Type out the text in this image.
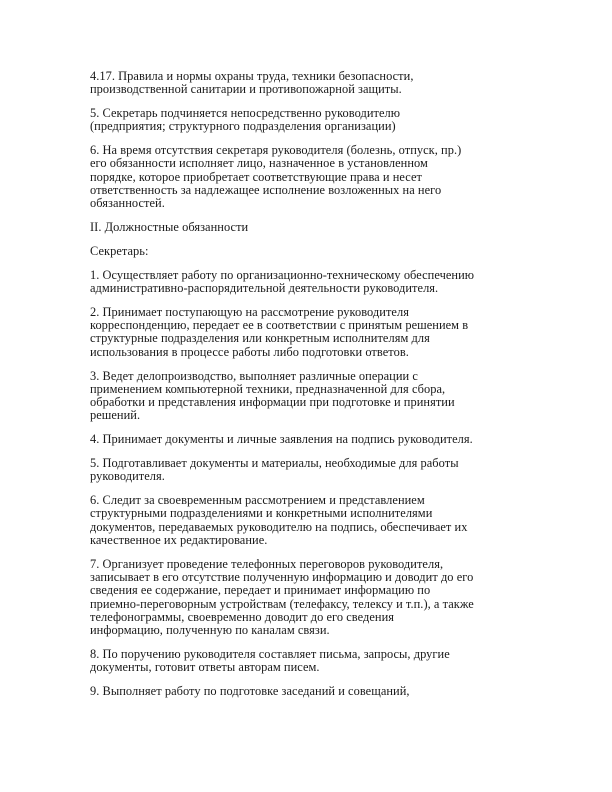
4.17. Правила и нормы охраны труда, техники безопасности,
производственной санитарии и противопожарной защиты.

5. Секретарь подчиняется непосредственно руководителю
(предприятия; структурного подразделения организации)

6. На время отсутствия секретаря руководителя (болезнь, отпуск, пр.)
его обязанности исполняет лицо, назначенное в установленном
порядке, которое приобретает соответствующие права и несет
ответственность за надлежащее исполнение возложенных на него
обязанностей.

II. Должностные обязанности

Секретарь:

1. Осуществляет работу по организационно-техническому обеспечению
административно-распорядительной деятельности руководителя.

2. Принимает поступающую на рассмотрение руководителя
корреспонденцию, передает ее в соответствии с принятым решением в
структурные подразделения или конкретным исполнителям для
использования в процессе работы либо подготовки ответов.

3. Ведет делопроизводство, выполняет различные операции с
применением компьютерной техники, предназначенной для сбора,
обработки и представления информации при подготовке и принятии
решений.

4. Принимает документы и личные заявления на подпись руководителя.

5. Подготавливает документы и материалы, необходимые для работы
руководителя.

6. Следит за своевременным рассмотрением и представлением
структурными подразделениями и конкретными исполнителями
документов, передаваемых руководителю на подпись, обеспечивает их
качественное их редактирование.

7. Организует проведение телефонных переговоров руководителя,
записывает в его отсутствие полученную информацию и доводит до его
сведения ее содержание, передает и принимает информацию по
приемно-переговорным устройствам (телефаксу, телексу и т.п.), а также
телефонограммы, своевременно доводит до его сведения
информацию, полученную по каналам связи.

8. По поручению руководителя составляет письма, запросы, другие
документы, готовит ответы авторам писем.

9. Выполняет работу по подготовке заседаний и совещаний,
